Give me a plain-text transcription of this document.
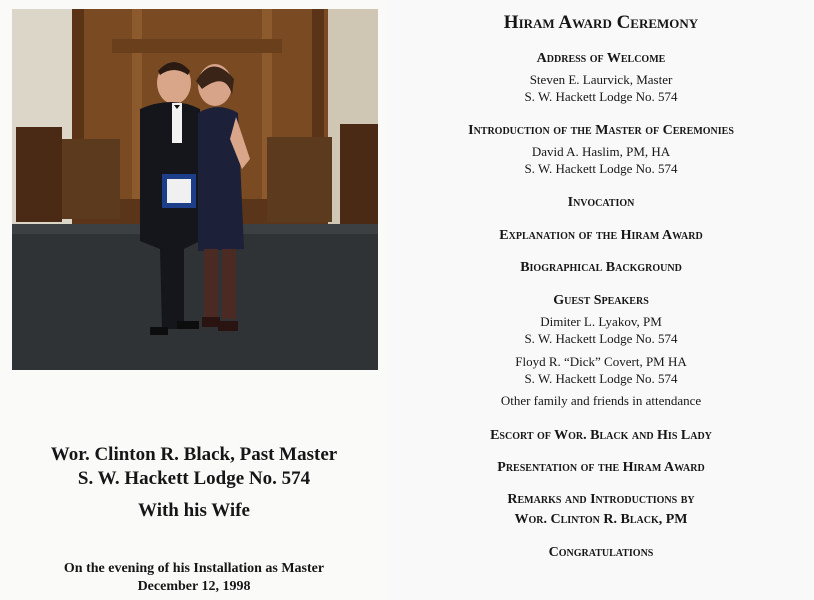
Wor. Clinton R. Black, Past Master
S. W. Hackett Lodge No. 574
With his Wife
On the evening of his Installation as Master
December 12, 1998
Hiram Award Ceremony
Address of Welcome
Steven E. Laurvick, Master
S. W. Hackett Lodge No. 574
Introduction of the Master of Ceremonies
David A. Haslim, PM, HA
S. W. Hackett Lodge No. 574
Invocation
Explanation of the Hiram Award
Biographical Background
Guest Speakers
Dimiter L. Lyakov, PM
S. W. Hackett Lodge No. 574
Floyd R. “Dick” Covert, PM HA
S. W. Hackett Lodge No. 574
Other family and friends in attendance
Escort of Wor. Black and His Lady
Presentation of the Hiram Award
Remarks and Introductions by
Wor. Clinton R. Black, PM
Congratulations
